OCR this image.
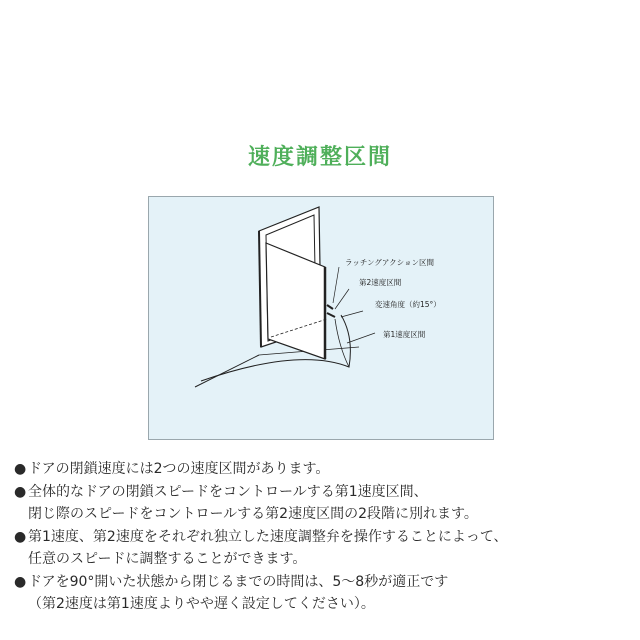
速度調整区間
ラッチングアクション区間
第2速度区間
変速角度（約15°）
第1速度区間
● ドアの閉鎖速度には2つの速度区間があります。
● 全体的なドアの閉鎖スピードをコントロールする第1速度区間、
閉じ際のスピードをコントロールする第2速度区間の2段階に別れます。
● 第1速度、第2速度をそれぞれ独立した速度調整弁を操作することによって、
任意のスピードに調整することができます。
● ドアを90°開いた状態から閉じるまでの時間は、5〜8秒が適正です
（第2速度は第1速度よりやや遅く設定してください）。
